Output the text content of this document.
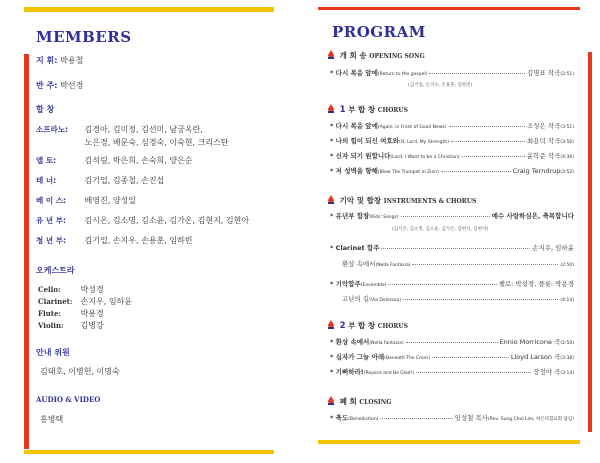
MEMBERS
지 휘: 박용철
반 주: 박선경
합 창
소프라노: 김경아, 김미정, 김선미, 남궁옥란,
노은경, 배문숙, 심경숙, 이숙현, 크리스탄
앨 토:	김석림, 박은희, 손숙희, 양은순
테 너:	김기업, 김종철, 손진섭
베 이 스: 배영진, 양성일
유 년 부: 김시온, 김소명, 김소윤, 김가온, 김현지, 김현아
청 년 부: 김기업, 손지우, 손용훈, 임하빈
오케스트라
Cello: 박성경
Clarinet: 손지우, 임하윤
Flute: 박용경
Violin: 김병강
안내 위원
김태호, 이병헌, 이명숙
AUDIO & VIDEO
홍병택
PROGRAM
개 회 송 OPENING SONG
* 다시 복음 앞에(Return to the gospel)	김명표 작곡(2:51)
(김기업, 손지우, 손용훈, 임하빈)
1 부 합 창 CHORUS
* 다시 복음 앞에(Again, in Front of Good News)	조성은 작곡(3:51)
* 나의 힘이 되신 여호와(O, Lord, My Strength)	최용덕 작곡(3:56)
* 신자 되기 원합니다(Lord, I Want to be a Christian)	윤학준 작곡(4:36)
* 저 성벽을 향해(Blow The Trumpet in Zion)	Craig Terndrup(3:52)
기악 및 합창 INSTRUMENTS & CHORUS
* 유년부 합창(Kids' Songs)	예수 사랑하심은, 축복합니다
(김시온, 김소명, 김소윤, 김가온, 김현지, 김현아)
* Clarinet 합주	손지우, 임하윤
환상 속에서(Nella Fantasia)	(2:50)
* 기악합주(Ensemble)	첼로: 박성경, 플룻: 박용경
고난의 길(Via Dolorosa)	(4:14)
2 부 합 창 CHORUS
* 환상 속에서(Nella fantasia)	Ennio Morricone 곡(2:50)
* 십자가 그늘 아래(Beneath The Cross)	Lloyd Larson 곡(3:38)
* 기뻐하라!(Rejoice and Be Glad!)	장정야 곡(3:14)
폐 회 CLOSING
* 축도(Benediction)	임성철 목사(Rev. Sung Chul Lim, 하은다함교회 담임)
